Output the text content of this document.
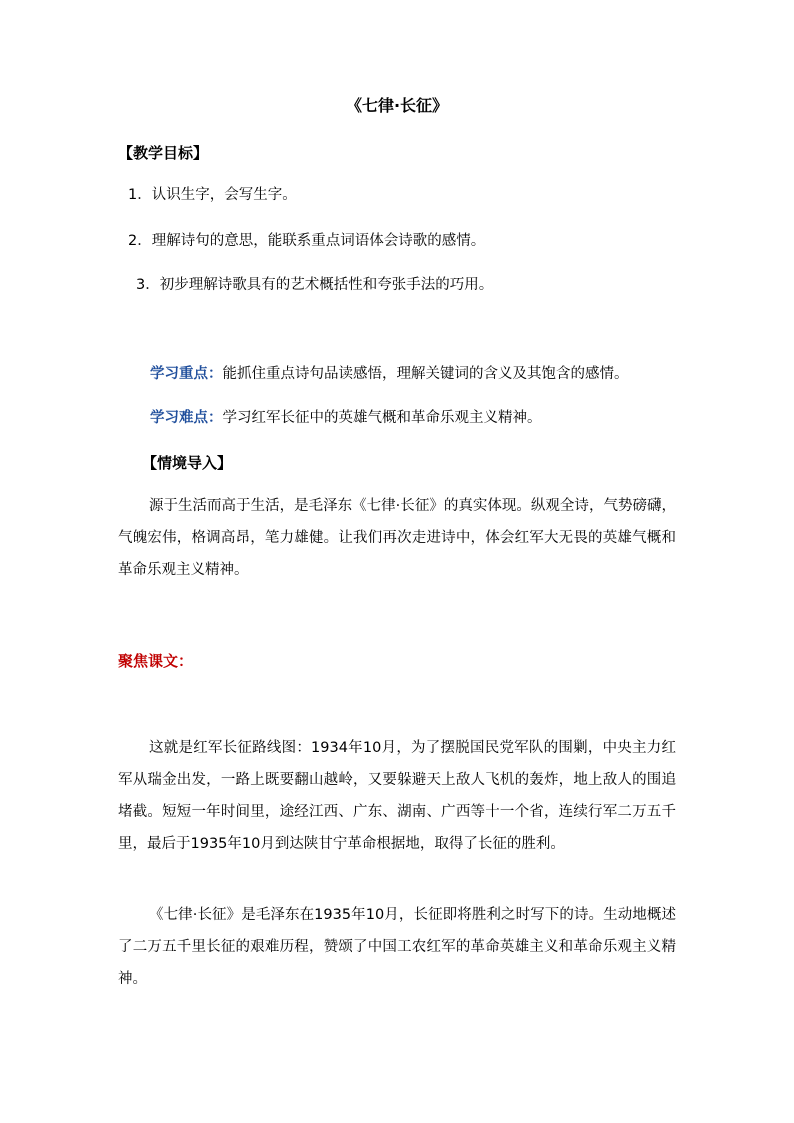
《七律·长征》
【教学目标】
1．认识生字，会写生字。
2．理解诗句的意思，能联系重点词语体会诗歌的感情。
3．初步理解诗歌具有的艺术概括性和夸张手法的巧用。
学习重点：能抓住重点诗句品读感悟，理解关键词的含义及其饱含的感情。
学习难点：学习红军长征中的英雄气概和革命乐观主义精神。
【情境导入】
源于生活而高于生活，是毛泽东《七律·长征》的真实体现。纵观全诗，气势磅礴，气魄宏伟，格调高昂，笔力雄健。让我们再次走进诗中，体会红军大无畏的英雄气概和革命乐观主义精神。
聚焦课文：
这就是红军长征路线图：1934年10月，为了摆脱国民党军队的围剿，中央主力红军从瑞金出发，一路上既要翻山越岭，又要躲避天上敌人飞机的轰炸，地上敌人的围追堵截。短短一年时间里，途经江西、广东、湖南、广西等十一个省，连续行军二万五千里，最后于1935年10月到达陕甘宁革命根据地，取得了长征的胜利。
《七律·长征》是毛泽东在1935年10月，长征即将胜利之时写下的诗。生动地概述了二万五千里长征的艰难历程，赞颂了中国工农红军的革命英雄主义和革命乐观主义精神。
